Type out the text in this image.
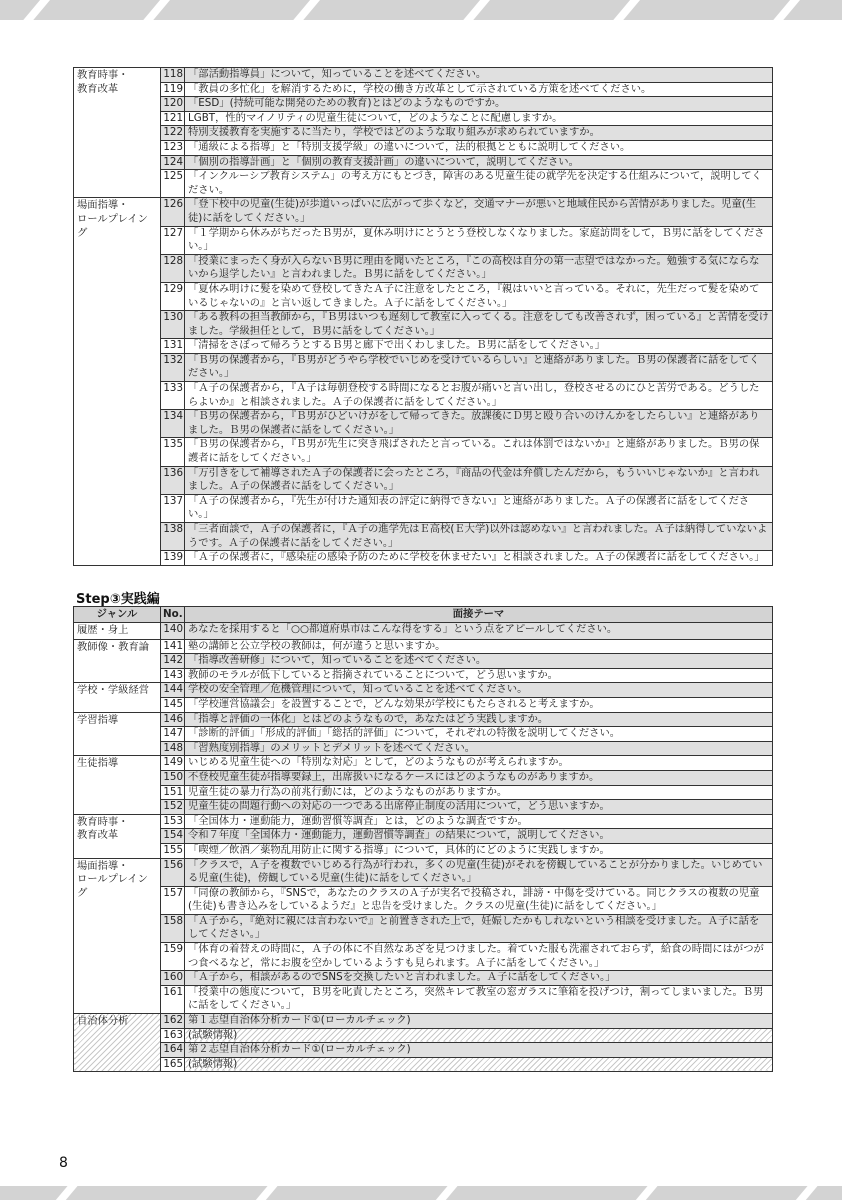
教育時事・
教育改革	118	「部活動指導員」について，知っていることを述べてください。
	119	「教員の多忙化」を解消するために，学校の働き方改革として示されている方策を述べてください。
	120	「ESD」(持続可能な開発のための教育)とはどのようなものですか。
	121	LGBT，性的マイノリティの児童生徒について，どのようなことに配慮しますか。
	122	特別支援教育を実施するに当たり，学校ではどのような取り組みが求められていますか。
	123	「通級による指導」と「特別支援学級」の違いについて，法的根拠とともに説明してください。
	124	「個別の指導計画」と「個別の教育支援計画」の違いについて，説明してください。
	125	「インクルーシブ教育システム」の考え方にもとづき，障害のある児童生徒の就学先を決定する仕組みについて，説明してください。
場面指導・
ロールプレイング	126	「登下校中の児童(生徒)が歩道いっぱいに広がって歩くなど，交通マナーが悪いと地域住民から苦情がありました。児童(生徒)に話をしてください。」
	127	「１学期から休みがちだったＢ男が，夏休み明けにとうとう登校しなくなりました。家庭訪問をして，Ｂ男に話をしてください。」
	128	「授業にまったく身が入らないＢ男に理由を聞いたところ，『この高校は自分の第一志望ではなかった。勉強する気にならないから退学したい』と言われました。Ｂ男に話をしてください。」
	129	「夏休み明けに髪を染めて登校してきたＡ子に注意をしたところ，『親はいいと言っている。それに，先生だって髪を染めているじゃないの』と言い返してきました。Ａ子に話をしてください。」
	130	「ある教科の担当教師から，『Ｂ男はいつも遅刻して教室に入ってくる。注意をしても改善されず，困っている』と苦情を受けました。学級担任として，Ｂ男に話をしてください。」
	131	「清掃をさぼって帰ろうとするＢ男と廊下で出くわしました。Ｂ男に話をしてください。」
	132	「Ｂ男の保護者から，『Ｂ男がどうやら学校でいじめを受けているらしい』と連絡がありました。Ｂ男の保護者に話をしてください。」
	133	「Ａ子の保護者から，『Ａ子は毎朝登校する時間になるとお腹が痛いと言い出し，登校させるのにひと苦労である。どうしたらよいか』と相談されました。Ａ子の保護者に話をしてください。」
	134	「Ｂ男の保護者から，『Ｂ男がひどいけがをして帰ってきた。放課後にＤ男と殴り合いのけんかをしたらしい』と連絡がありました。Ｂ男の保護者に話をしてください。」
	135	「Ｂ男の保護者から，『Ｂ男が先生に突き飛ばされたと言っている。これは体罰ではないか』と連絡がありました。Ｂ男の保護者に話をしてください。」
	136	「万引きをして補導されたＡ子の保護者に会ったところ，『商品の代金は弁償したんだから，もういいじゃないか』と言われました。Ａ子の保護者に話をしてください。」
	137	「Ａ子の保護者から，『先生が付けた通知表の評定に納得できない』と連絡がありました。Ａ子の保護者に話をしてください。」
	138	「三者面談で，Ａ子の保護者に，『Ａ子の進学先はＥ高校(Ｅ大学)以外は認めない』と言われました。Ａ子は納得していないようです。Ａ子の保護者に話をしてください。」
	139	「Ａ子の保護者に，『感染症の感染予防のために学校を休ませたい』と相談されました。Ａ子の保護者に話をしてください。」
Step③実践編
ジャンル	No.	面接テーマ
履歴・身上	140	あなたを採用すると「○○都道府県市はこんな得をする」という点をアピールしてください。
教師像・教育論	141	塾の講師と公立学校の教師は，何が違うと思いますか。
	142	「指導改善研修」について，知っていることを述べてください。
	143	教師のモラルが低下していると指摘されていることについて，どう思いますか。
学校・学級経営	144	学校の安全管理／危機管理について，知っていることを述べてください。
	145	「学校運営協議会」を設置することで，どんな効果が学校にもたらされると考えますか。
学習指導	146	「指導と評価の一体化」とはどのようなもので，あなたはどう実践しますか。
	147	「診断的評価」「形成的評価」「総括的評価」について，それぞれの特徴を説明してください。
	148	「習熟度別指導」のメリットとデメリットを述べてください。
生徒指導	149	いじめる児童生徒への「特別な対応」として，どのようなものが考えられますか。
	150	不登校児童生徒が指導要録上，出席扱いになるケースにはどのようなものがありますか。
	151	児童生徒の暴力行為の前兆行動には，どのようなものがありますか。
	152	児童生徒の問題行動への対応の一つである出席停止制度の活用について，どう思いますか。
教育時事・
教育改革	153	「全国体力・運動能力，運動習慣等調査」とは，どのような調査ですか。
	154	令和７年度「全国体力・運動能力，運動習慣等調査」の結果について，説明してください。
	155	「喫煙／飲酒／薬物乱用防止に関する指導」について，具体的にどのように実践しますか。
場面指導・
ロールプレイング	156	「クラスで，Ａ子を複数でいじめる行為が行われ，多くの児童(生徒)がそれを傍観していることが分かりました。いじめている児童(生徒)，傍観している児童(生徒)に話をしてください。」
	157	「同僚の教師から，『SNSで，あなたのクラスのＡ子が実名で投稿され，誹謗・中傷を受けている。同じクラスの複数の児童(生徒)も書き込みをしているようだ』と忠告を受けました。クラスの児童(生徒)に話をしてください。」
	158	「Ａ子から，『絶対に親には言わないで』と前置きされた上で，妊娠したかもしれないという相談を受けました。Ａ子に話をしてください。」
	159	「体育の着替えの時間に，Ａ子の体に不自然なあざを見つけました。着ていた服も洗濯されておらず，給食の時間にはがつがつ食べるなど，常にお腹を空かしているようすも見られます。Ａ子に話をしてください。」
	160	「Ａ子から，相談があるのでSNSを交換したいと言われました。Ａ子に話をしてください。」
	161	「授業中の態度について，Ｂ男を叱責したところ，突然キレて教室の窓ガラスに筆箱を投げつけ，割ってしまいました。Ｂ男に話をしてください。」
自治体分析	162	第１志望自治体分析カード①(ローカルチェック)
	163	(試験情報)
	164	第２志望自治体分析カード①(ローカルチェック)
	165	(試験情報)
8
